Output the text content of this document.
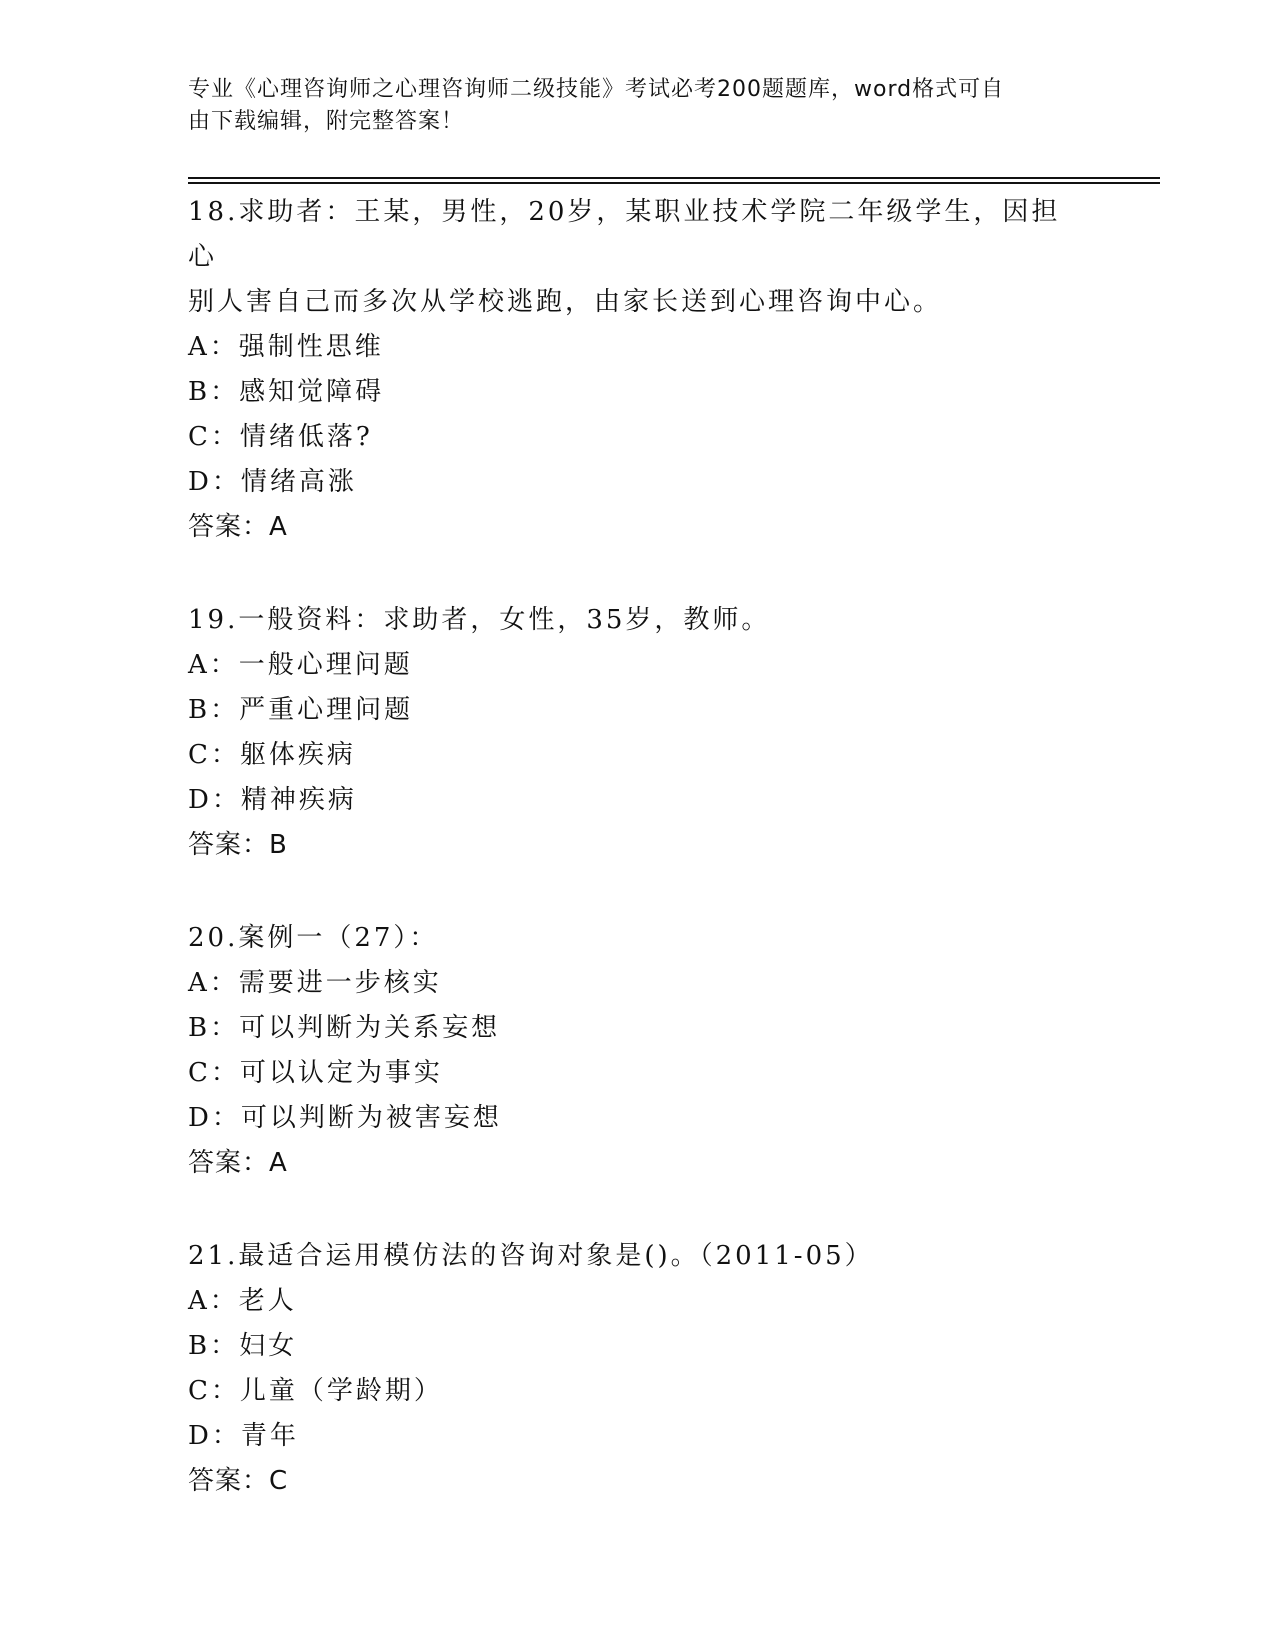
专业《心理咨询师之心理咨询师二级技能》考试必考200题题库，word格式可自
由下载编辑，附完整答案！
18.求助者：王某，男性，20岁，某职业技术学院二年级学生，因担心
别人害自己而多次从学校逃跑，由家长送到心理咨询中心。
A：强制性思维
B：感知觉障碍
C：情绪低落?
D：情绪高涨
答案：A
19.一般资料：求助者，女性，35岁，教师。
A：一般心理问题
B：严重心理问题
C：躯体疾病
D：精神疾病
答案：B
20.案例一（27）：
A：需要进一步核实
B：可以判断为关系妄想
C：可以认定为事实
D：可以判断为被害妄想
答案：A
21.最适合运用模仿法的咨询对象是()。（2011-05）
A：老人
B：妇女
C：儿童（学龄期）
D：青年
答案：C
